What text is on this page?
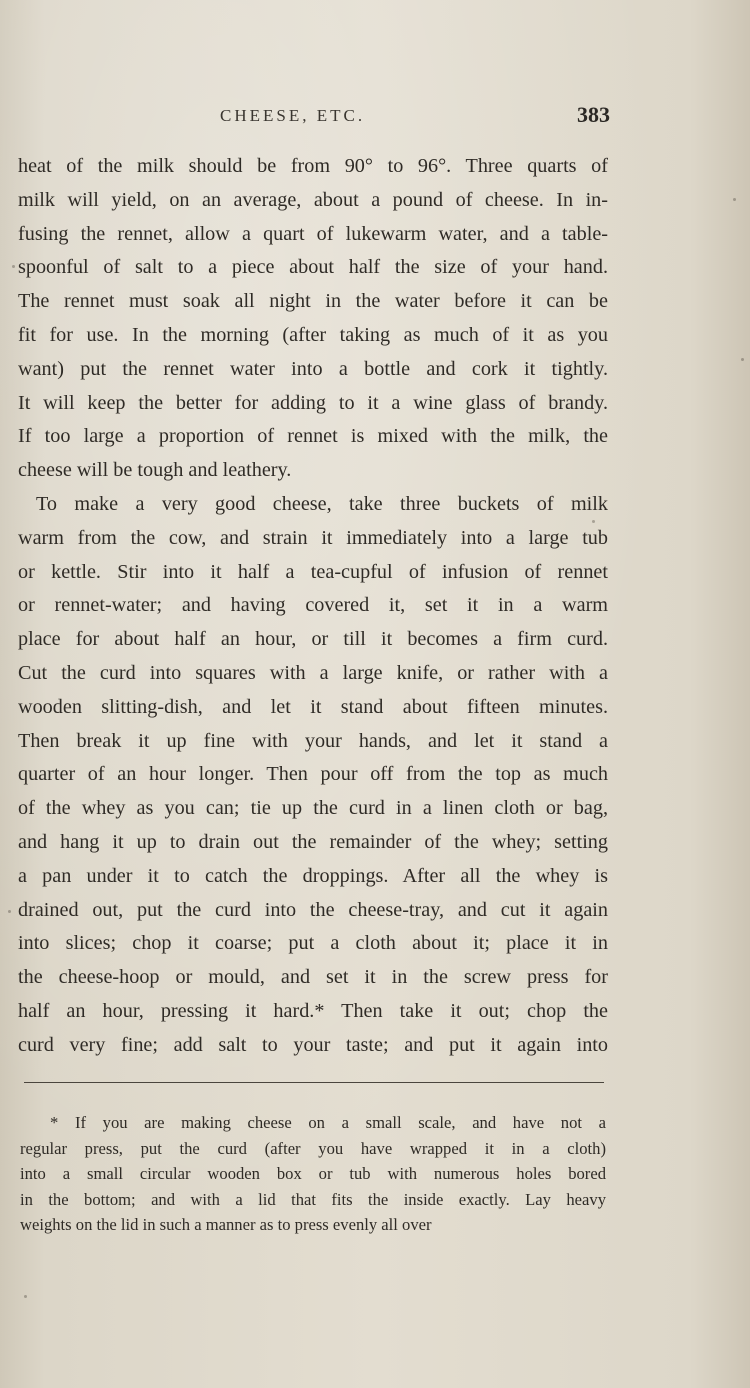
CHEESE, ETC.	383
heat of the milk should be from 90° to 96°. Three quarts of
milk will yield, on an average, about a pound of cheese. In in-
fusing the rennet, allow a quart of lukewarm water, and a table-
spoonful of salt to a piece about half the size of your hand.
The rennet must soak all night in the water before it can be
fit for use. In the morning (after taking as much of it as you
want) put the rennet water into a bottle and cork it tightly.
It will keep the better for adding to it a wine glass of brandy.
If too large a proportion of rennet is mixed with the milk, the
cheese will be tough and leathery.
To make a very good cheese, take three buckets of milk
warm from the cow, and strain it immediately into a large tub
or kettle. Stir into it half a tea-cupful of infusion of rennet
or rennet-water; and having covered it, set it in a warm
place for about half an hour, or till it becomes a firm curd.
Cut the curd into squares with a large knife, or rather with a
wooden slitting-dish, and let it stand about fifteen minutes.
Then break it up fine with your hands, and let it stand a
quarter of an hour longer. Then pour off from the top as much
of the whey as you can; tie up the curd in a linen cloth or bag,
and hang it up to drain out the remainder of the whey; setting
a pan under it to catch the droppings. After all the whey is
drained out, put the curd into the cheese-tray, and cut it again
into slices; chop it coarse; put a cloth about it; place it in
the cheese-hoop or mould, and set it in the screw press for
half an hour, pressing it hard.* Then take it out; chop the
curd very fine; add salt to your taste; and put it again into
* If you are making cheese on a small scale, and have not a
regular press, put the curd (after you have wrapped it in a cloth)
into a small circular wooden box or tub with numerous holes bored
in the bottom; and with a lid that fits the inside exactly. Lay heavy
weights on the lid in such a manner as to press evenly all over
